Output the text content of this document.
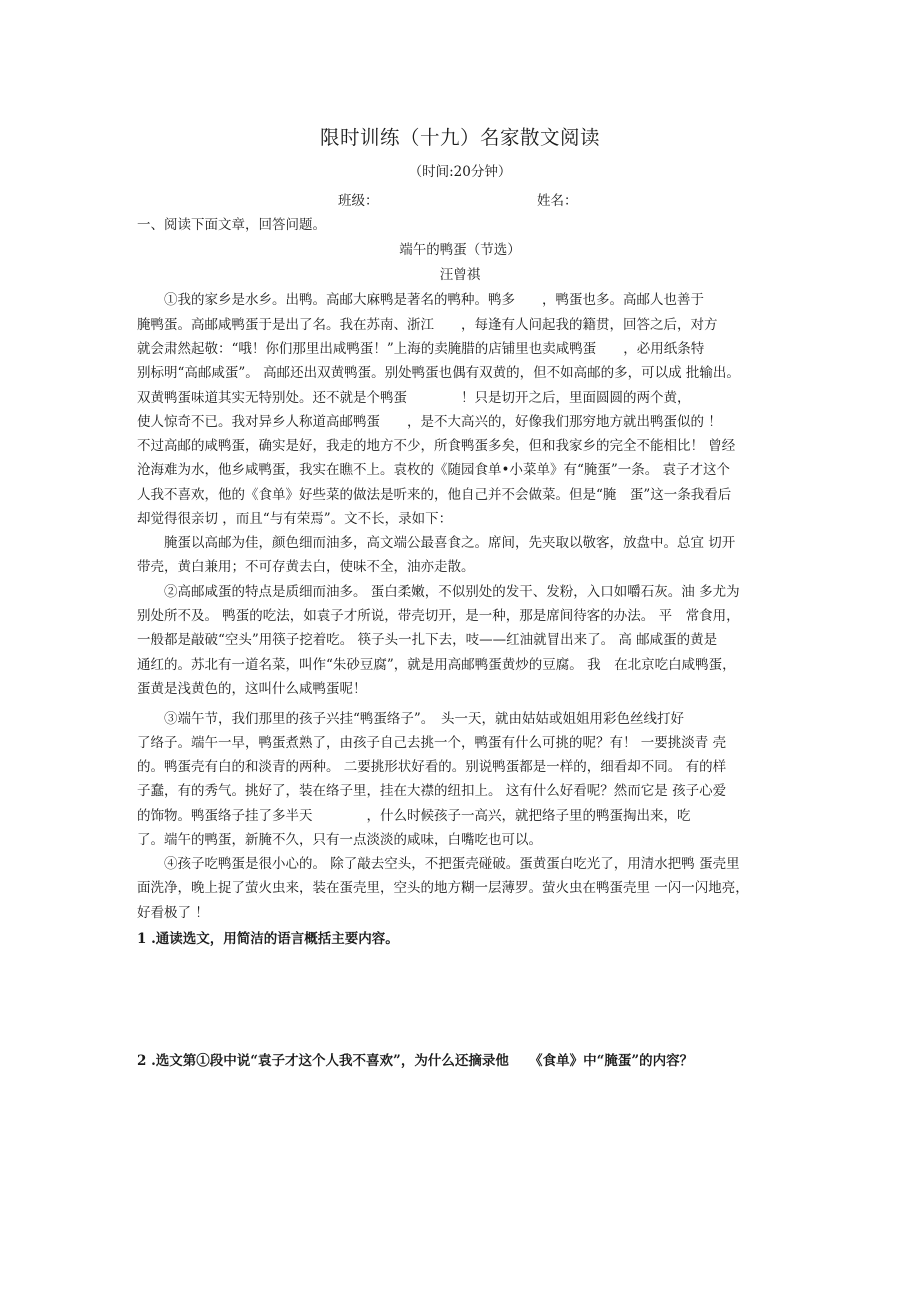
限时训练（十九）名家散文阅读
（时间:20分钟）
班级：	姓名：
一、阅读下面文章，回答问题。
端午的鸭蛋（节选）
汪曾祺
　　①我的家乡是水乡。出鸭。高邮大麻鸭是著名的鸭种。鸭多　　，鸭蛋也多。高邮人也善于
腌鸭蛋。高邮咸鸭蛋于是出了名。我在苏南、浙江　　，每逢有人问起我的籍贯，回答之后，对方
就会肃然起敬：“哦！你们那里出咸鸭蛋！”上海的卖腌腊的店铺里也卖咸鸭蛋　　，必用纸条特
别标明“高邮咸蛋”。 高邮还出双黄鸭蛋。别处鸭蛋也偶有双黄的，但不如高邮的多，可以成 批输出。
双黄鸭蛋味道其实无特别处。还不就是个鸭蛋　　　　！只是切开之后，里面圆圆的两个黄，
使人惊奇不已。我对异乡人称道高邮鸭蛋　　，是不大高兴的，好像我们那穷地方就出鸭蛋似的 ！
不过高邮的咸鸭蛋，确实是好，我走的地方不少，所食鸭蛋多矣，但和我家乡的完全不能相比！ 曾经
沧海难为水，他乡咸鸭蛋，我实在瞧不上。袁枚的《随园食单•小菜单》有“腌蛋”一条。 袁子才这个
人我不喜欢，他的《食单》好些菜的做法是听来的，他自己并不会做菜。但是“腌　蛋”这一条我看后
却觉得很亲切 ，而且“与有荣焉”。文不长，录如下：
　　腌蛋以高邮为佳，颜色细而油多，高文端公最喜食之。席间，先夹取以敬客，放盘中。总宜 切开
带壳，黄白兼用；不可存黄去白，使味不全，油亦走散。
　　②高邮咸蛋的特点是质细而油多。 蛋白柔嫩，不似别处的发干、发粉，入口如嚼石灰。油 多尤为
别处所不及。 鸭蛋的吃法，如袁子才所说，带壳切开，是一种，那是席间待客的办法。 平　常食用，
一般都是敲破“空头”用筷子挖着吃。 筷子头一扎下去，吱——红油就冒出来了。 高 邮咸蛋的黄是
通红的。苏北有一道名菜，叫作“朱砂豆腐”，就是用高邮鸭蛋黄炒的豆腐。 我　在北京吃白咸鸭蛋，
蛋黄是浅黄色的，这叫什么咸鸭蛋呢！
　　③端午节，我们那里的孩子兴挂“鸭蛋络子”。　头一天，就由姑姑或姐姐用彩色丝线打好
了络子。端午一早，鸭蛋煮熟了，由孩子自己去挑一个，鸭蛋有什么可挑的呢？有！ 一要挑淡青 壳
的。鸭蛋壳有白的和淡青的两种。 二要挑形状好看的。别说鸭蛋都是一样的，细看却不同。 有的样
子蠢，有的秀气。挑好了，装在络子里，挂在大襟的纽扣上。 这有什么好看呢？然而它是 孩子心爱
的饰物。鸭蛋络子挂了多半天　　　　，什么时候孩子一高兴，就把络子里的鸭蛋掏出来，吃
了。端午的鸭蛋，新腌不久，只有一点淡淡的咸味，白嘴吃也可以。
　　④孩子吃鸭蛋是很小心的。 除了敲去空头，不把蛋壳碰破。蛋黄蛋白吃光了，用清水把鸭 蛋壳里
面洗净，晚上捉了萤火虫来，装在蛋壳里，空头的地方糊一层薄罗。萤火虫在鸭蛋壳里 一闪一闪地亮，
好看极了 ！
1 .通读选文，用简洁的语言概括主要内容。
2 .选文第①段中说“袁子才这个人我不喜欢”，为什么还摘录他　　《食单》中“腌蛋”的内容？
